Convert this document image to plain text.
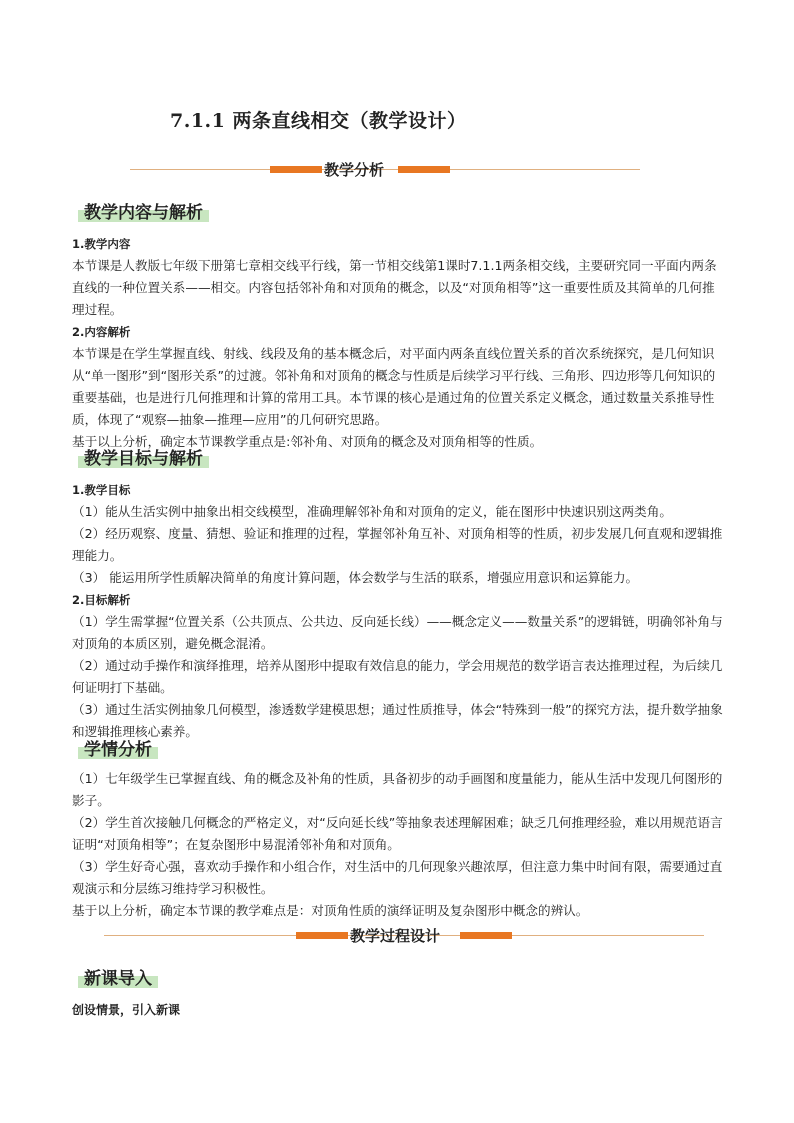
7.1.1 两条直线相交（教学设计）
教学分析
教学内容与解析

1.教学内容

本节课是人教版七年级下册第七章相交线平行线，第一节相交线第1课时7.1.1两条相交线，主要研究同一平面内两条直线的一种位置关系——相交。内容包括邻补角和对顶角的概念，以及“对顶角相等”这一重要性质及其简单的几何推理过程。

2.内容解析

本节课是在学生掌握直线、射线、线段及角的基本概念后，对平面内两条直线位置关系的首次系统探究，是几何知识从“单一图形”到“图形关系”的过渡。邻补角和对顶角的概念与性质是后续学习平行线、三角形、四边形等几何知识的重要基础，也是进行几何推理和计算的常用工具。本节课的核心是通过角的位置关系定义概念，通过数量关系推导性质，体现了“观察—抽象—推理—应用”的几何研究思路。

基于以上分析，确定本节课教学重点是:邻补角、对顶角的概念及对顶角相等的性质。

教学目标与解析

1.教学目标

（1）能从生活实例中抽象出相交线模型，准确理解邻补角和对顶角的定义，能在图形中快速识别这两类角。

（2）经历观察、度量、猜想、验证和推理的过程，掌握邻补角互补、对顶角相等的性质，初步发展几何直观和逻辑推理能力。

（3） 能运用所学性质解决简单的角度计算问题，体会数学与生活的联系，增强应用意识和运算能力。

2.目标解析

（1）学生需掌握“位置关系（公共顶点、公共边、反向延长线）——概念定义——数量关系”的逻辑链，明确邻补角与对顶角的本质区别，避免概念混淆。

（2）通过动手操作和演绎推理，培养从图形中提取有效信息的能力，学会用规范的数学语言表达推理过程，为后续几何证明打下基础。

（3）通过生活实例抽象几何模型，渗透数学建模思想；通过性质推导，体会“特殊到一般”的探究方法，提升数学抽象和逻辑推理核心素养。

学情分析

（1）七年级学生已掌握直线、角的概念及补角的性质，具备初步的动手画图和度量能力，能从生活中发现几何图形的影子。

（2）学生首次接触几何概念的严格定义，对“反向延长线”等抽象表述理解困难；缺乏几何推理经验，难以用规范语言证明“对顶角相等”；在复杂图形中易混淆邻补角和对顶角。

（3）学生好奇心强，喜欢动手操作和小组合作，对生活中的几何现象兴趣浓厚，但注意力集中时间有限，需要通过直观演示和分层练习维持学习积极性。

基于以上分析，确定本节课的教学难点是：对顶角性质的演绎证明及复杂图形中概念的辨认。

教学过程设计
新课导入
创设情景，引入新课
